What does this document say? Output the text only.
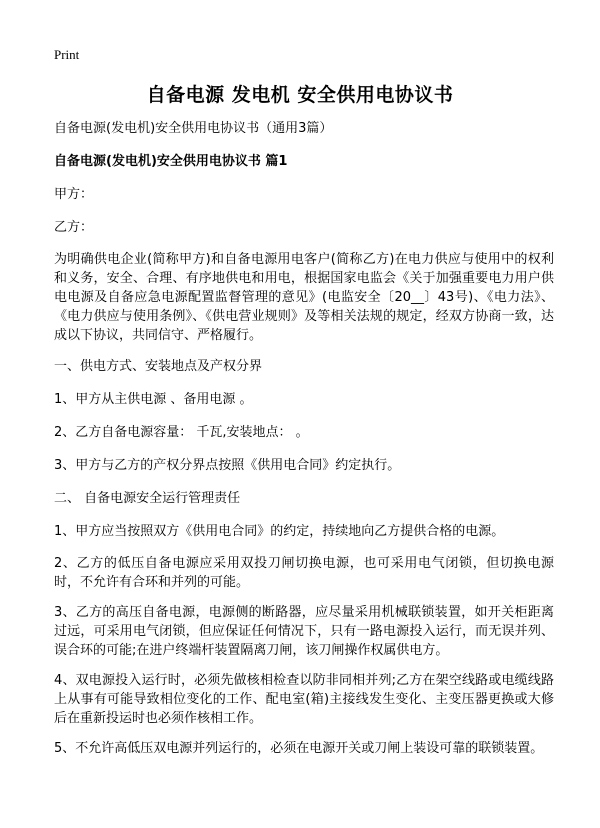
Print
自备电源 发电机 安全供用电协议书

自备电源(发电机)安全供用电协议书（通用3篇）

自备电源(发电机)安全供用电协议书 篇1

甲方：

乙方：

为明确供电企业(简称甲方)和自备电源用电客户(简称乙方)在电力供应与使用中的权利和义务，安全、合理、有序地供电和用电，根据国家电监会《关于加强重要电力用户供电电源及自备应急电源配置监督管理的意见》(电监安全〔20__〕43号)、《电力法》、《电力供应与使用条例》、《供电营业规则》及等相关法规的规定，经双方协商一致，达成以下协议，共同信守、严格履行。

一、供电方式、安装地点及产权分界

1、甲方从主供电源 、备用电源 。

2、乙方自备电源容量： 千瓦,安装地点： 。

3、甲方与乙方的产权分界点按照《供用电合同》约定执行。

二、 自备电源安全运行管理责任

1、甲方应当按照双方《供用电合同》的约定，持续地向乙方提供合格的电源。

2、乙方的低压自备电源应采用双投刀闸切换电源，也可采用电气闭锁，但切换电源时，不允许有合环和并列的可能。

3、乙方的高压自备电源，电源侧的断路器，应尽量采用机械联锁装置，如开关柜距离过远，可采用电气闭锁，但应保证任何情况下，只有一路电源投入运行，而无误并列、误合环的可能;在进户终端杆装置隔离刀闸，该刀闸操作权属供电方。

4、双电源投入运行时，必须先做核相检查以防非同相并列;乙方在架空线路或电缆线路上从事有可能导致相位变化的工作、配电室(箱)主接线发生变化、主变压器更换或大修后在重新投运时也必须作核相工作。

5、不允许高低压双电源并列运行的，必须在电源开关或刀闸上装设可靠的联锁装置。
